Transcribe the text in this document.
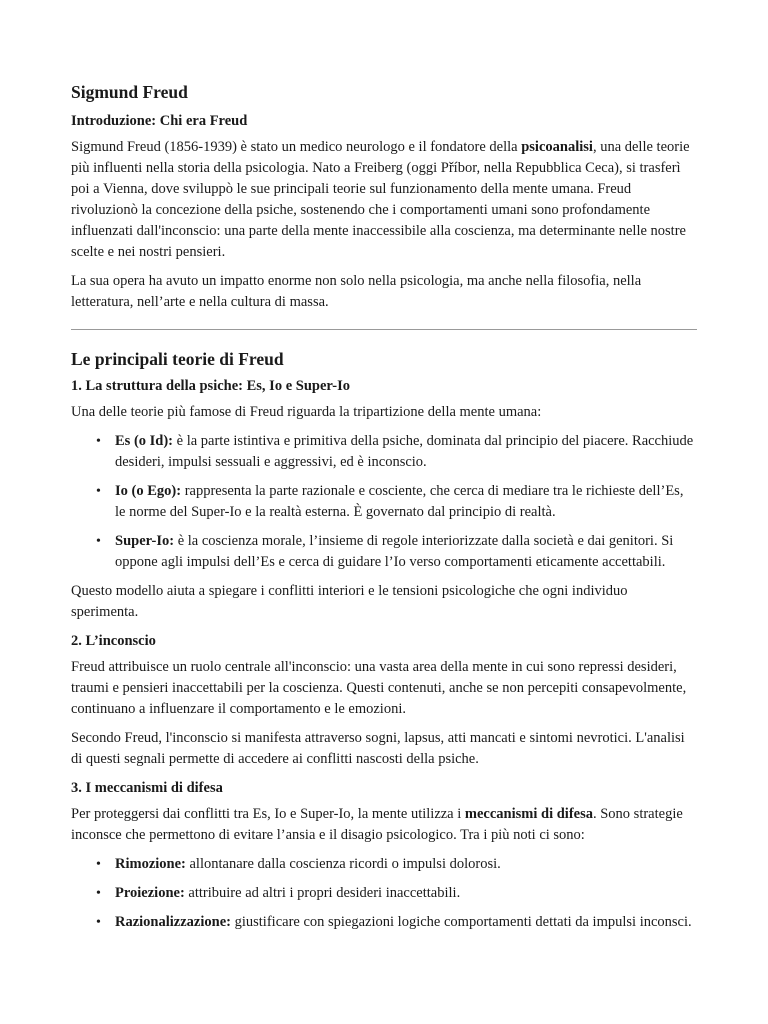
Sigmund Freud
Introduzione: Chi era Freud

Sigmund Freud (1856-1939) è stato un medico neurologo e il fondatore della psicoanalisi, una delle teorie più influenti nella storia della psicologia. Nato a Freiberg (oggi Příbor, nella Repubblica Ceca), si trasferì poi a Vienna, dove sviluppò le sue principali teorie sul funzionamento della mente umana. Freud rivoluzionò la concezione della psiche, sostenendo che i comportamenti umani sono profondamente influenzati dall'inconscio: una parte della mente inaccessibile alla coscienza, ma determinante nelle nostre scelte e nei nostri pensieri.

La sua opera ha avuto un impatto enorme non solo nella psicologia, ma anche nella filosofia, nella letteratura, nell’arte e nella cultura di massa.

Le principali teorie di Freud
1. La struttura della psiche: Es, Io e Super-Io

Una delle teorie più famose di Freud riguarda la tripartizione della mente umana:

• Es (o Id): è la parte istintiva e primitiva della psiche, dominata dal principio del piacere. Racchiude desideri, impulsi sessuali e aggressivi, ed è inconscio.
• Io (o Ego): rappresenta la parte razionale e cosciente, che cerca di mediare tra le richieste dell’Es, le norme del Super-Io e la realtà esterna. È governato dal principio di realtà.
• Super-Io: è la coscienza morale, l’insieme di regole interiorizzate dalla società e dai genitori. Si oppone agli impulsi dell’Es e cerca di guidare l’Io verso comportamenti eticamente accettabili.

Questo modello aiuta a spiegare i conflitti interiori e le tensioni psicologiche che ogni individuo sperimenta.

2. L’inconscio

Freud attribuisce un ruolo centrale all'inconscio: una vasta area della mente in cui sono repressi desideri, traumi e pensieri inaccettabili per la coscienza. Questi contenuti, anche se non percepiti consapevolmente, continuano a influenzare il comportamento e le emozioni.

Secondo Freud, l'inconscio si manifesta attraverso sogni, lapsus, atti mancati e sintomi nevrotici. L'analisi di questi segnali permette di accedere ai conflitti nascosti della psiche.

3. I meccanismi di difesa

Per proteggersi dai conflitti tra Es, Io e Super-Io, la mente utilizza i meccanismi di difesa. Sono strategie inconsce che permettono di evitare l’ansia e il disagio psicologico. Tra i più noti ci sono:

• Rimozione: allontanare dalla coscienza ricordi o impulsi dolorosi.
• Proiezione: attribuire ad altri i propri desideri inaccettabili.
• Razionalizzazione: giustificare con spiegazioni logiche comportamenti dettati da impulsi inconsci.
